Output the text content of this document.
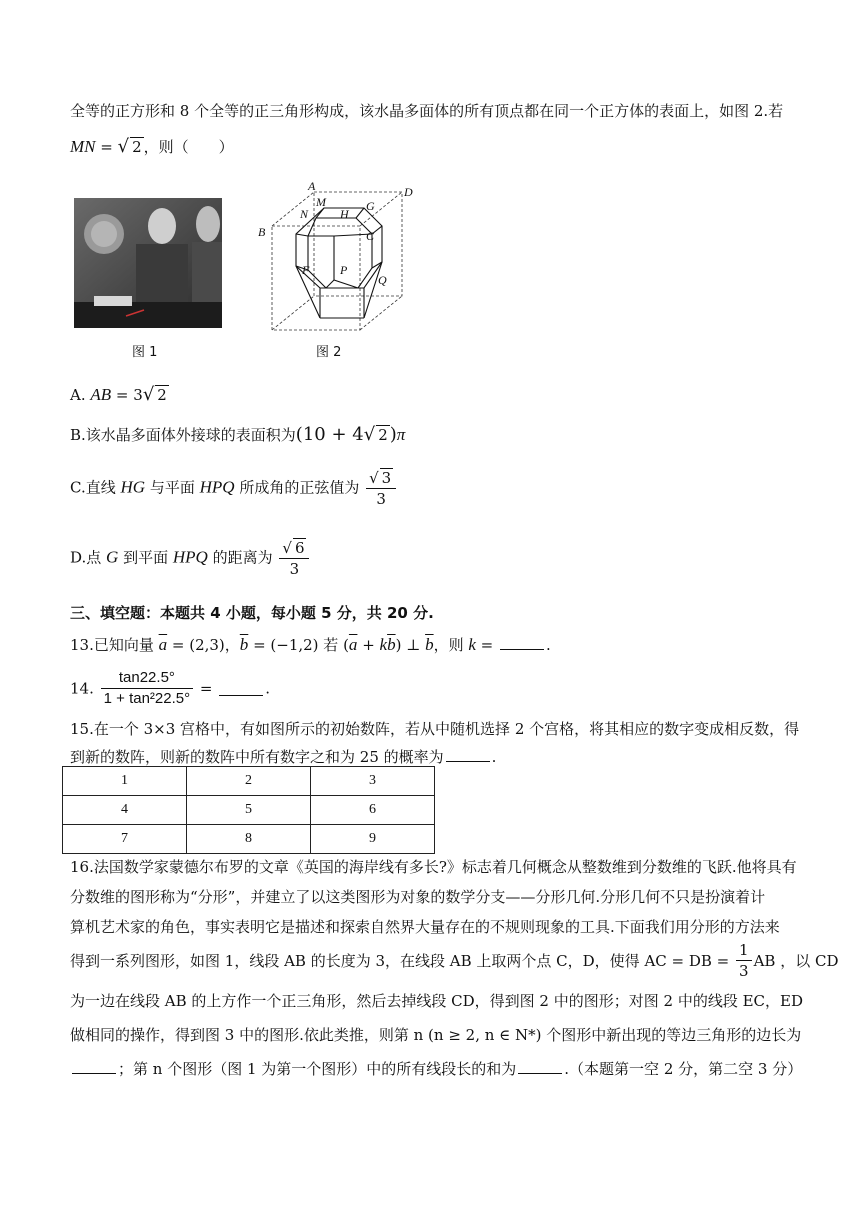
全等的正方形和 8 个全等的正三角形构成，该水晶多面体的所有顶点都在同一个正方体的表面上，如图 2.若
MN = √ 2 ，则（　　）
图 1
A	D
M
N	H
G
B	C
F	P
Q
图 2
A. AB = 3√ 2
B.该水晶多面体外接球的表面积为(10 + 4√ 2 )π
C.直线 HG 与平面 HPQ 所成角的正弦值为 $\frac{√ 3}{3}$
D.点 G 到平面 HPQ 的距离为 $\frac{√ 6}{3}$
三、填空题：本题共 4 小题，每小题 5 分，共 20 分.
13.已知向量 $\overline{a} = (2,3)$，$\overline{b} = (-1,2)$ 若 $(\overline{a} + k\overline{b})$ ⊥ $\overline{b}$，则 k =	.
14. $\frac{\tan 22.5^\circ}{\text{1 + tan²22.5°}}$ =	.
15.在一个 3×3 宫格中，有如图所示的初始数阵，若从中随机选择 2 个宫格，将其相应的数字变成相反数，得
到新的数阵，则新的数阵中所有数字之和为 25 的概率为	.
1	2	3
4	5	6
7	8	9
16.法国数学家蒙德尔布罗的文章《英国的海岸线有多长?》标志着几何概念从整数维到分数维的飞跃.他将具有
分数维的图形称为“分形”，并建立了以这类图形为对象的数学分支——分形几何.分形几何不只是扮演着计
算机艺术家的角色，事实表明它是描述和探索自然界大量存在的不规则现象的工具.下面我们用分形的方法来
得到一系列图形，如图 1，线段 AB 的长度为 3，在线段 AB 上取两个点 C，D，使得 AC = DB = $\frac{1}{3}$ AB ，以 CD
为一边在线段 AB 的上方作一个正三角形，然后去掉线段 CD，得到图 2 中的图形；对图 2 中的线段 EC，ED
做相同的操作，得到图 3 中的图形.依此类推，则第 n (n ≥ 2, n ∈ N*) 个图形中新出现的等边三角形的边长为
；第 n 个图形（图 1 为第一个图形）中的所有线段长的和为	.（本题第一空 2 分，第二空 3 分）
